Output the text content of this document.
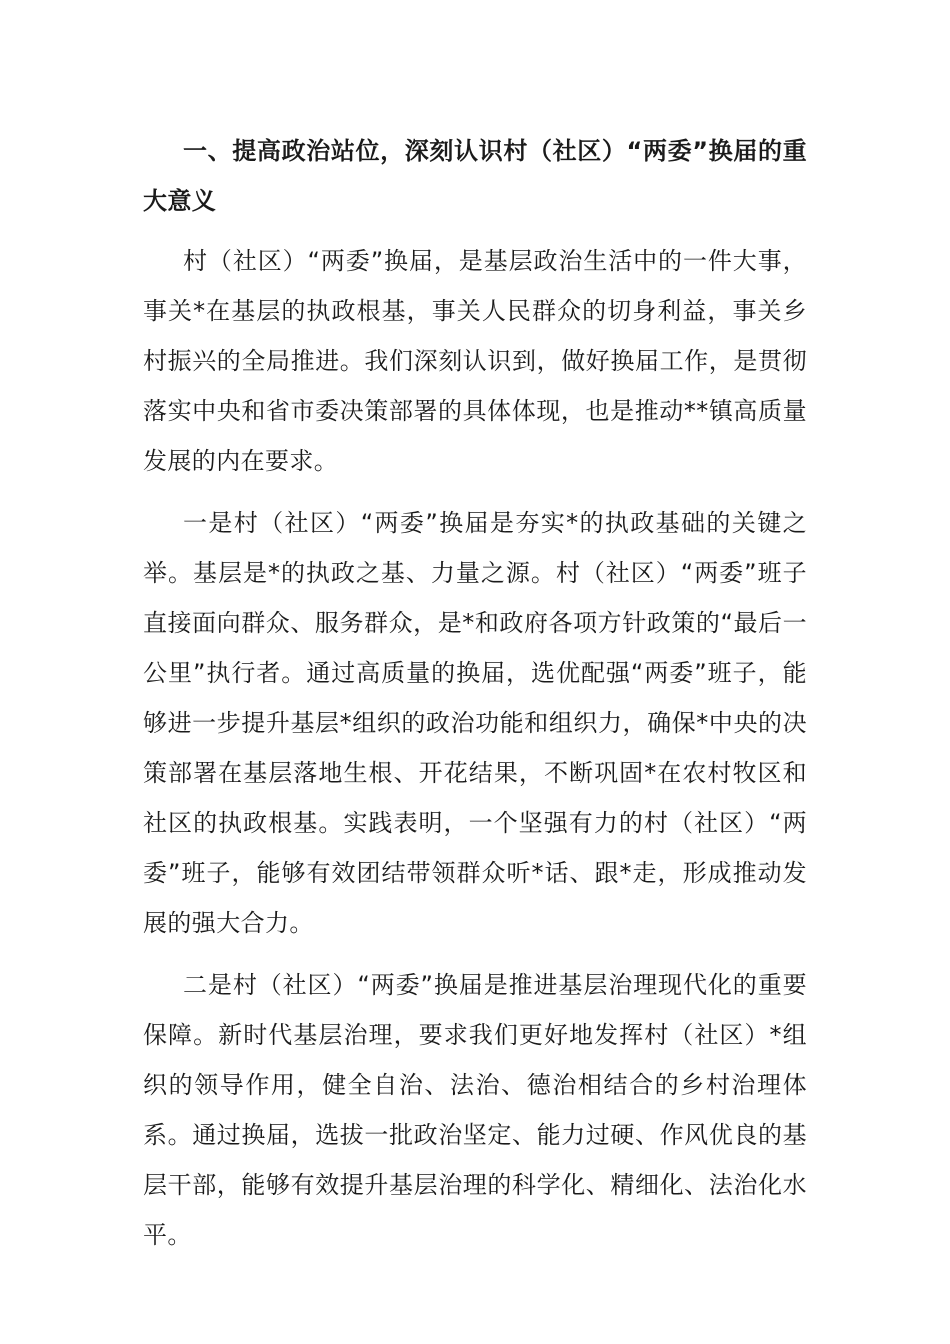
一、提高政治站位，深刻认识村（社区）“两委”换届的重大意义

村（社区）“两委”换届，是基层政治生活中的一件大事，事关*在基层的执政根基，事关人民群众的切身利益，事关乡村振兴的全局推进。我们深刻认识到，做好换届工作，是贯彻落实中央和省市委决策部署的具体体现，也是推动**镇高质量发展的内在要求。

一是村（社区）“两委”换届是夯实*的执政基础的关键之举。基层是*的执政之基、力量之源。村（社区）“两委”班子直接面向群众、服务群众，是*和政府各项方针政策的“最后一公里”执行者。通过高质量的换届，选优配强“两委”班子，能够进一步提升基层*组织的政治功能和组织力，确保*中央的决策部署在基层落地生根、开花结果，不断巩固*在农村牧区和社区的执政根基。实践表明，一个坚强有力的村（社区）“两委”班子，能够有效团结带领群众听*话、跟*走，形成推动发展的强大合力。

二是村（社区）“两委”换届是推进基层治理现代化的重要保障。新时代基层治理，要求我们更好地发挥村（社区）*组织的领导作用，健全自治、法治、德治相结合的乡村治理体系。通过换届，选拔一批政治坚定、能力过硬、作风优良的基层干部，能够有效提升基层治理的科学化、精细化、法治化水平。
